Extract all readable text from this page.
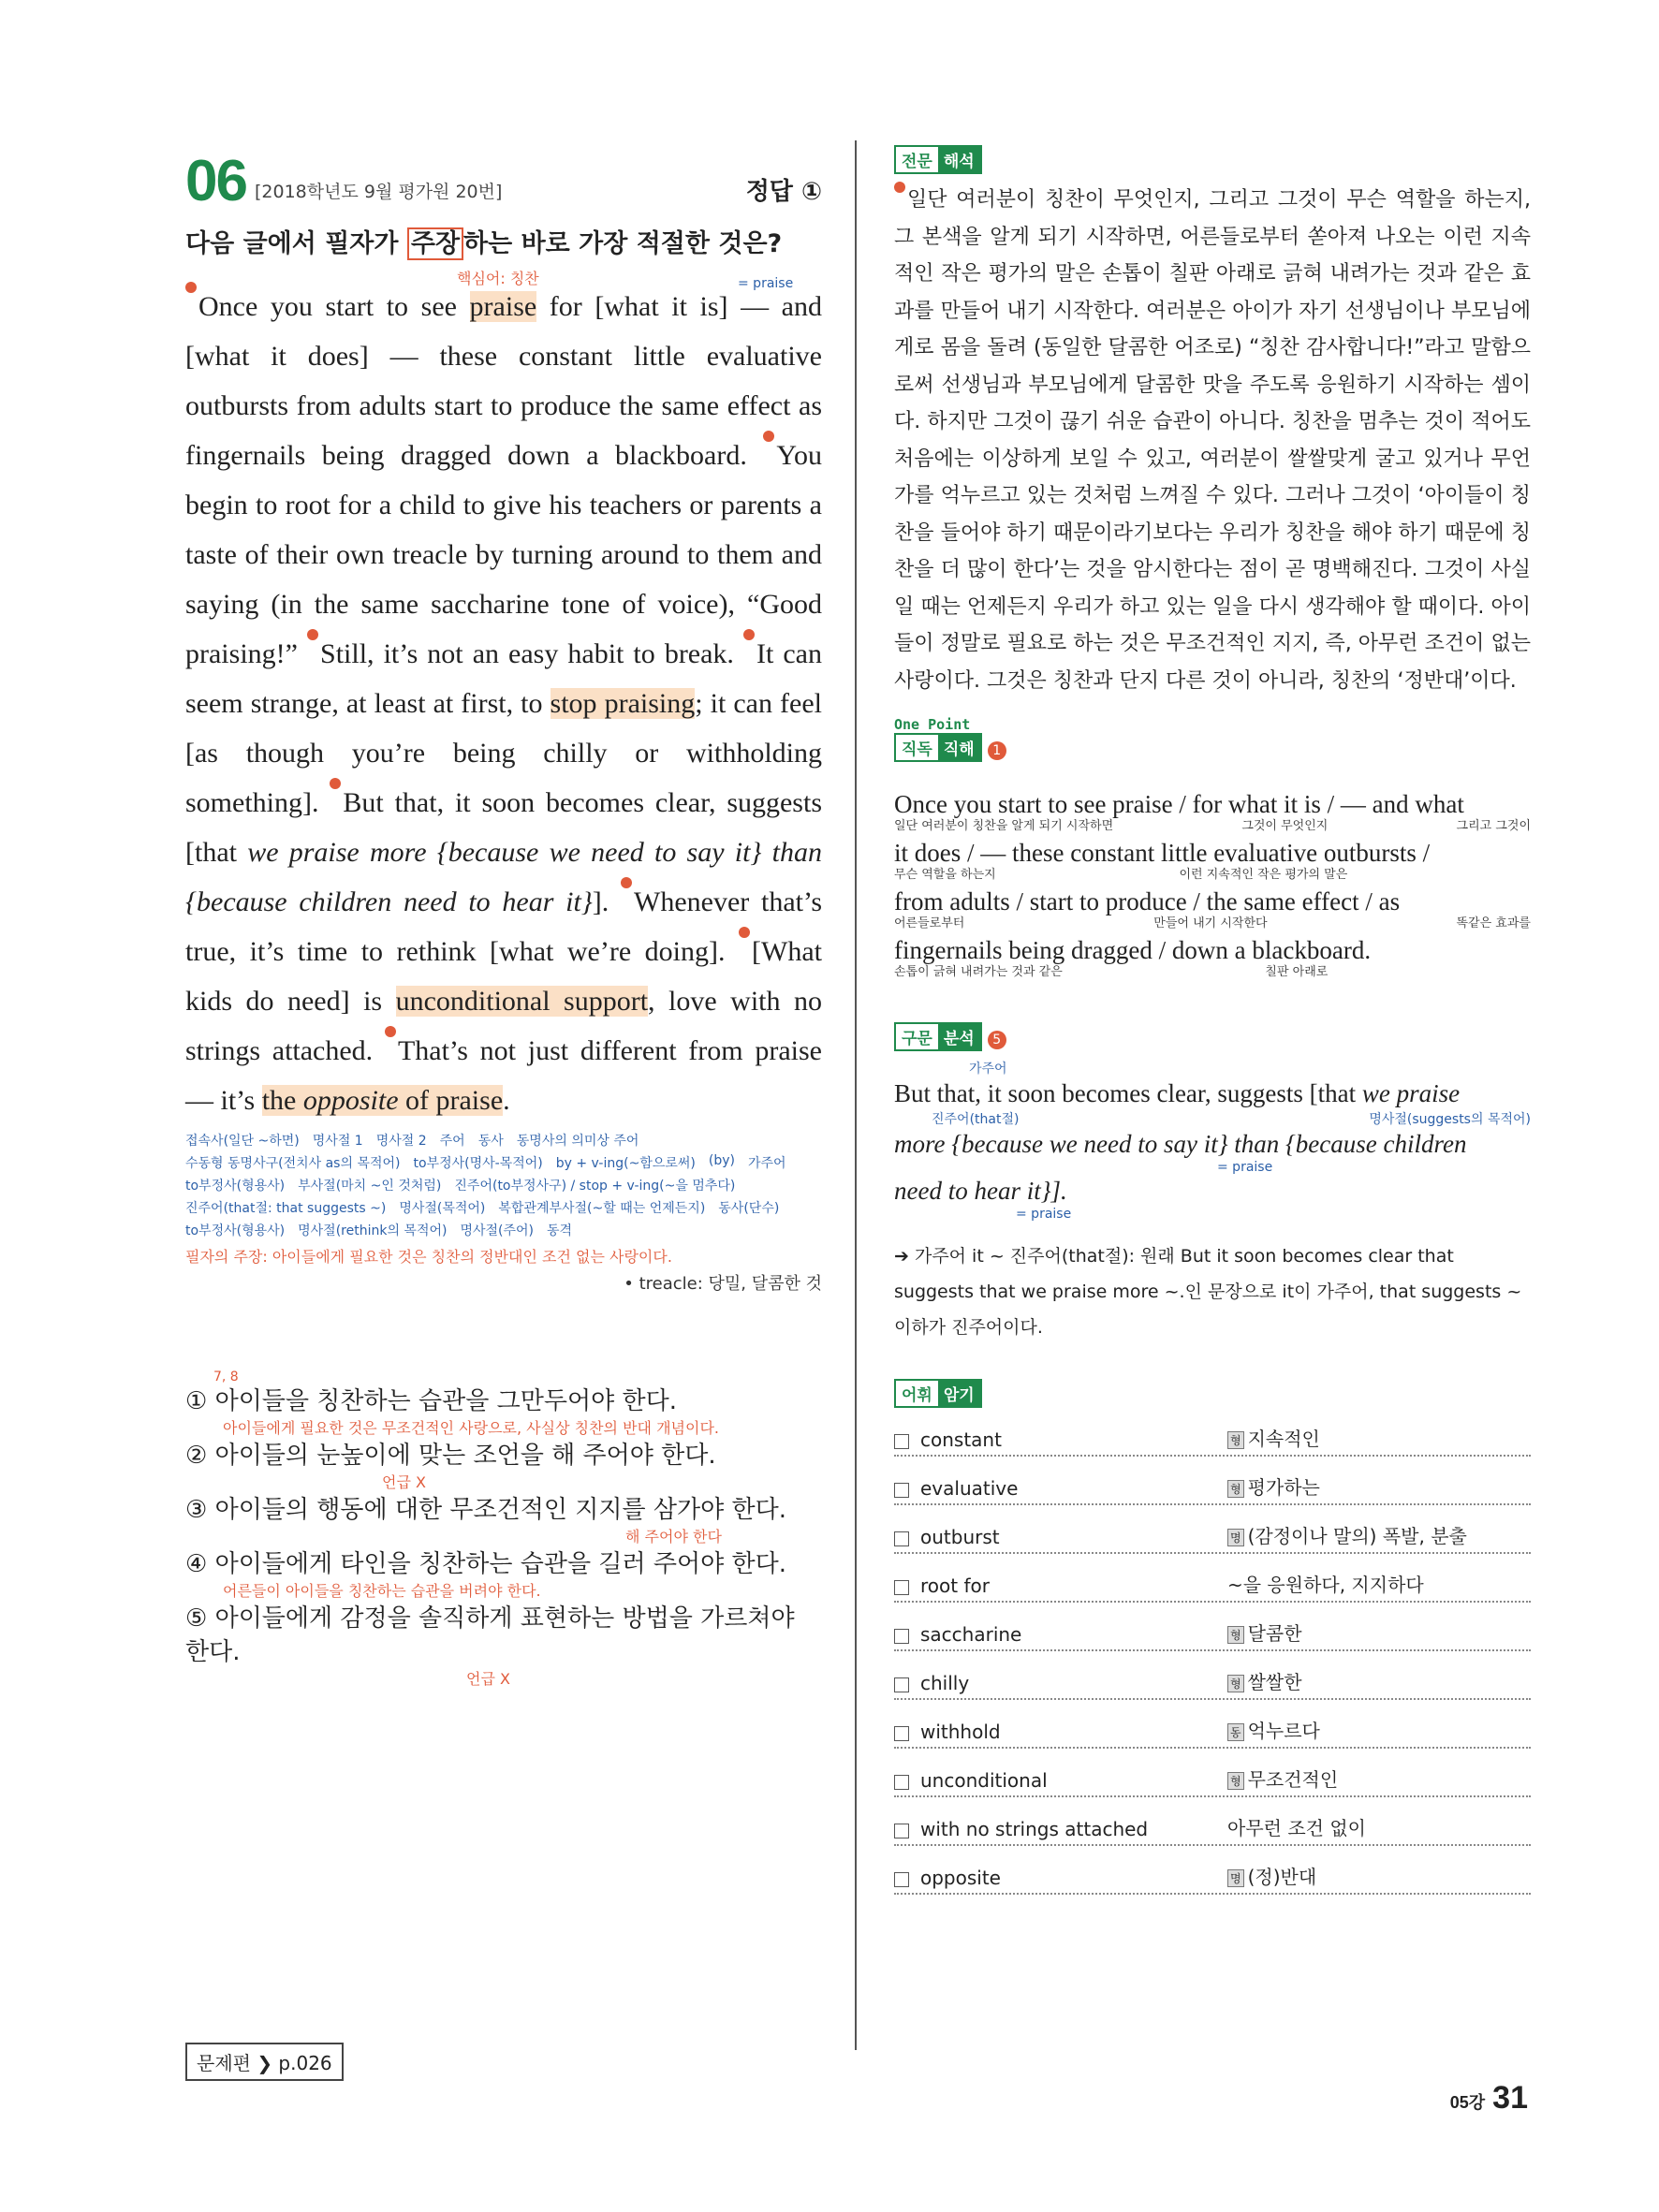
06 [2018학년도 9월 평가원 20번]	정답 ①
다음 글에서 필자가 주장 하는 바로 가장 적절한 것은?
핵심어: 칭찬	= praise
Once you start to see praise for [what it is] — and [what it does] — these constant little evaluative outbursts from adults start to produce the same effect as fingernails being dragged down a blackboard. You begin to root for a child to give his teachers or parents a taste of their own treacle by turning around to them and saying (in the same saccharine tone of voice), “Good praising!” Still, it’s not an easy habit to break. It can seem strange, at least at first, to stop praising; it can feel [as though you’re being chilly or withholding something]. But that, it soon becomes clear, suggests [that we praise more {because we need to say it} than {because children need to hear it}]. Whenever that’s true, it’s time to rethink [what we’re doing]. [What kids do need] is unconditional support, love with no strings attached. That’s not just different from praise — it’s the opposite of praise.
접속사(일단 ~하면) 명사절 1 명사절 2 주어 동사 동명사의 의미상 주어
수동형 동명사구(전치사 as의 목적어) to부정사(명사-목적어) by + v-ing(~함으로써) (by) 가주어
to부정사(형용사) 부사절(마치 ~인 것처럼) 진주어(to부정사구) / stop + v-ing(~을 멈추다)
진주어(that절: that suggests ~) 명사절(목적어) 복합관계부사절(~할 때는 언제든지) 동사(단수)
to부정사(형용사) 명사절(rethink의 목적어) 명사절(주어) 동격
필자의 주장: 아이들에게 필요한 것은 칭찬의 정반대인 조건 없는 사랑이다.
• treacle: 당밀, 달콤한 것
7, 8
① 아이들을 칭찬하는 습관을 그만두어야 한다.
아이들에게 필요한 것은 무조건적인 사랑으로, 사실상 칭찬의 반대 개념이다.
② 아이들의 눈높이에 맞는 조언을 해 주어야 한다.
언급 X
③ 아이들의 행동에 대한 무조건적인 지지를 삼가야 한다.
해 주어야 한다
④ 아이들에게 타인을 칭찬하는 습관을 길러 주어야 한다.
어른들이 아이들을 칭찬하는 습관을 버려야 한다.
⑤ 아이들에게 감정을 솔직하게 표현하는 방법을 가르쳐야 한다.
언급 X
문제편 ❯ p.026
05강 31
전문 해석
일단 여러분이 칭찬이 무엇인지, 그리고 그것이 무슨 역할을 하는지, 그 본색을 알게 되기 시작하면, 어른들로부터 쏟아져 나오는 이런 지속적인 작은 평가의 말은 손톱이 칠판 아래로 긁혀 내려가는 것과 같은 효과를 만들어 내기 시작한다. 여러분은 아이가 자기 선생님이나 부모님에게로 몸을 돌려 (동일한 달콤한 어조로) “칭찬 감사합니다!”라고 말함으로써 선생님과 부모님에게 달콤한 맛을 주도록 응원하기 시작하는 셈이다. 하지만 그것이 끊기 쉬운 습관이 아니다. 칭찬을 멈추는 것이 적어도 처음에는 이상하게 보일 수 있고, 여러분이 쌀쌀맞게 굴고 있거나 무언가를 억누르고 있는 것처럼 느껴질 수 있다. 그러나 그것이 ‘아이들이 칭찬을 들어야 하기 때문이라기보다는 우리가 칭찬을 해야 하기 때문에 칭찬을 더 많이 한다’는 것을 암시한다는 점이 곧 명백해진다. 그것이 사실일 때는 언제든지 우리가 하고 있는 일을 다시 생각해야 할 때이다. 아이들이 정말로 필요로 하는 것은 무조건적인 지지, 즉, 아무런 조건이 없는 사랑이다. 그것은 칭찬과 단지 다른 것이 아니라, 칭찬의 ‘정반대’이다.
One Point
직독 직해	1
Once you start to see praise / for what it is / — and what
일단 여러분이 칭찬을 알게 되기 시작하면	그것이 무엇인지	그리고 그것이
it does / — these constant little evaluative outbursts /
무슨 역할을 하는지	이런 지속적인 작은 평가의 말은
from adults / start to produce / the same effect / as
어른들로부터	만들어 내기 시작한다	똑같은 효과를
fingernails being dragged / down a blackboard.
손톱이 긁혀 내려가는 것과 같은	칠판 아래로
구문 분석	5
가주어
But that, it soon becomes clear, suggests [that we praise
진주어(that절)	명사절(suggests의 목적어)
more {because we need to say it} than {because children
= praise
need to hear it}].
= praise
➔ 가주어 it ~ 진주어(that절): 원래 But it soon becomes clear that suggests that we praise more ~.인 문장으로 it이 가주어, that suggests ~ 이하가 진주어이다.
어휘 암기
constant	형 지속적인
evaluative	형 평가하는
outburst	명 (감정이나 말의) 폭발, 분출
root for	~을 응원하다, 지지하다
saccharine	형 달콤한
chilly	형 쌀쌀한
withhold	동 억누르다
unconditional	형 무조건적인
with no strings attached	아무런 조건 없이
opposite	명 (정)반대
